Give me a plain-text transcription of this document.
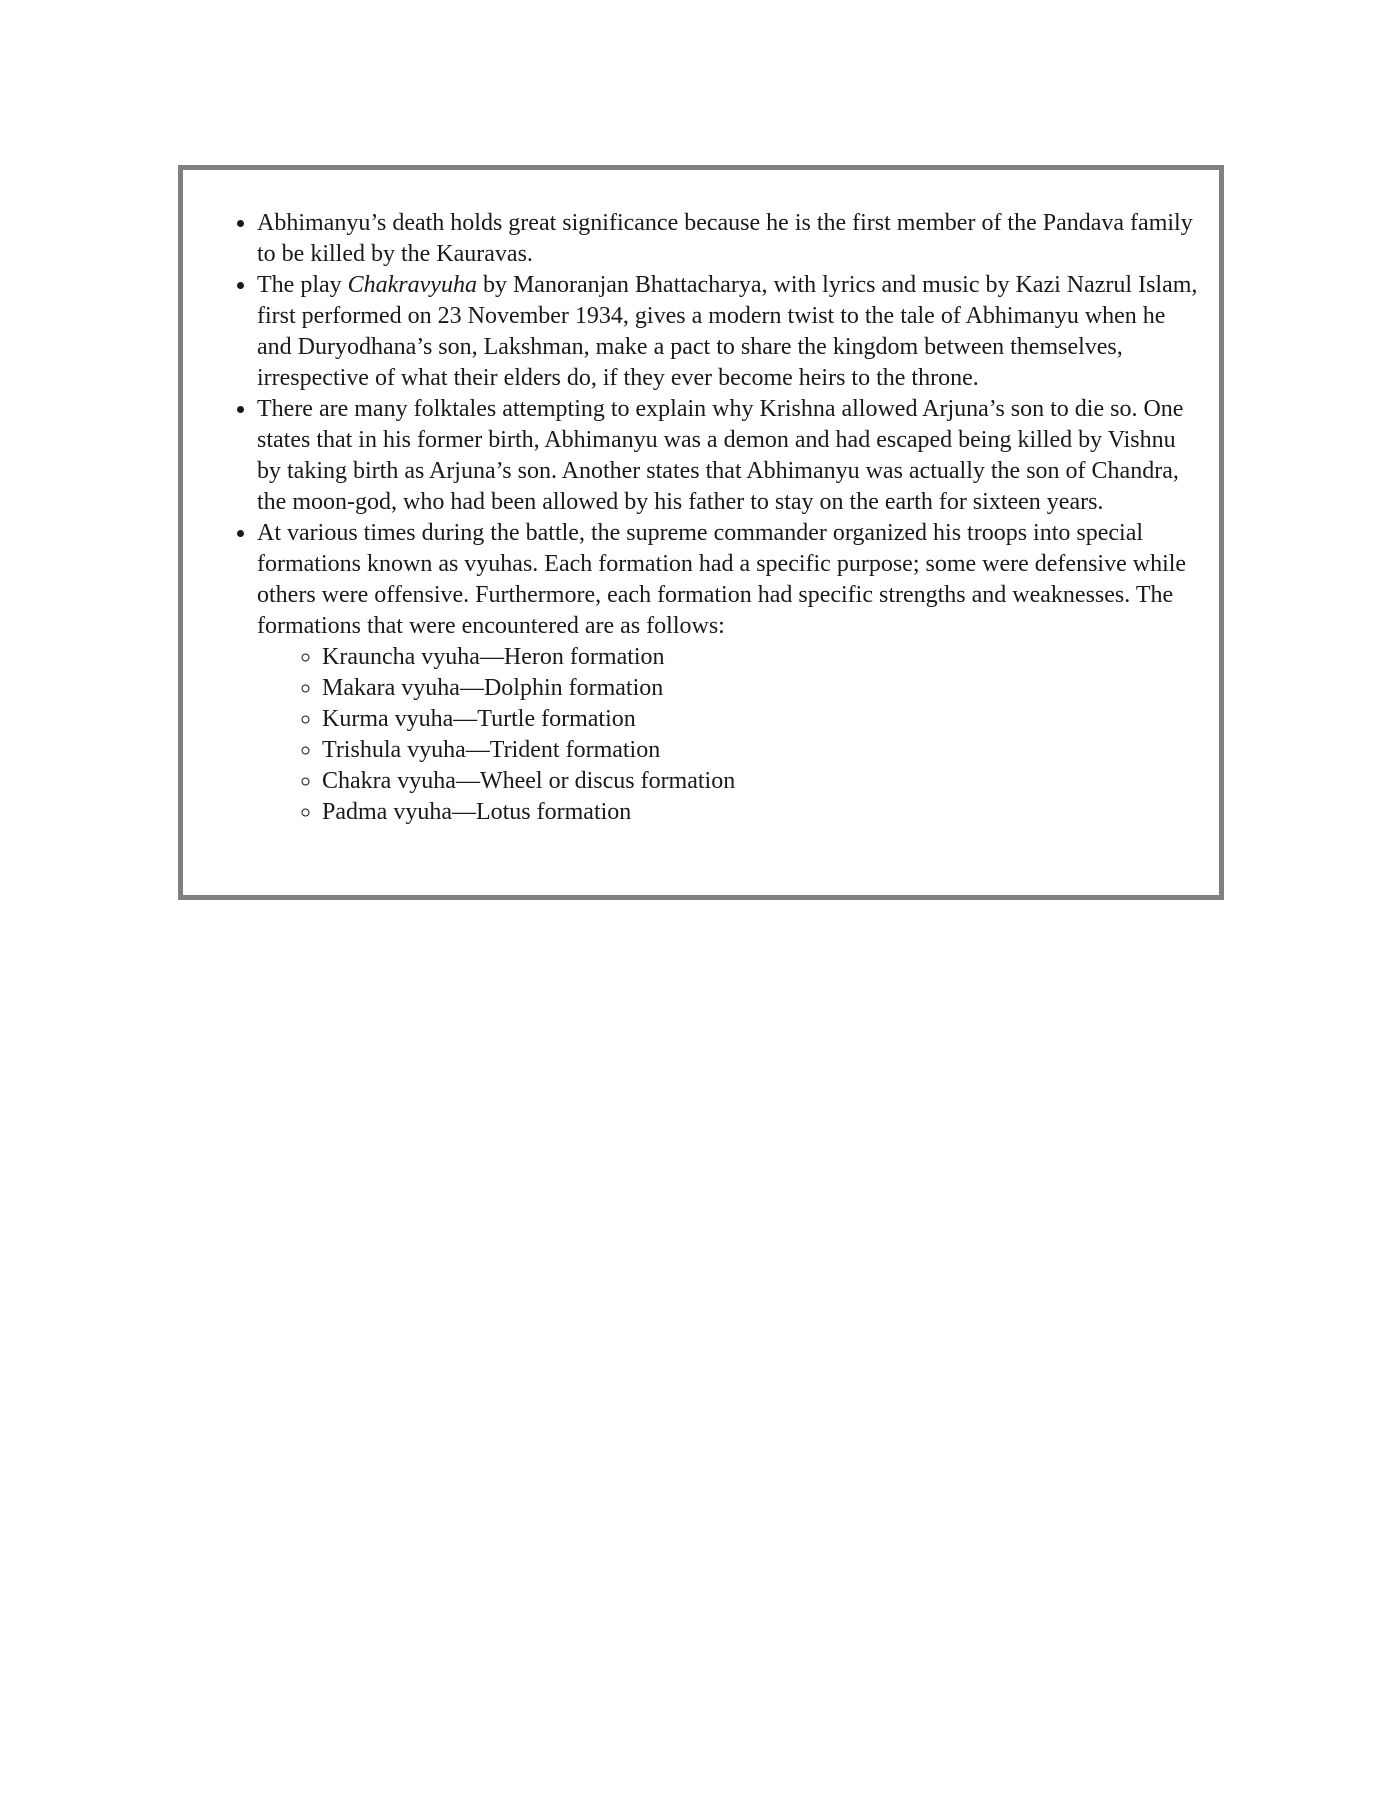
• Abhimanyu’s death holds great significance because he is the first member of the Pandava family to be killed by the Kauravas.
• The play Chakravyuha by Manoranjan Bhattacharya, with lyrics and music by Kazi Nazrul Islam, first performed on 23 November 1934, gives a modern twist to the tale of Abhimanyu when he and Duryodhana’s son, Lakshman, make a pact to share the kingdom between themselves, irrespective of what their elders do, if they ever become heirs to the throne.
• There are many folktales attempting to explain why Krishna allowed Arjuna’s son to die so. One states that in his former birth, Abhimanyu was a demon and had escaped being killed by Vishnu by taking birth as Arjuna’s son. Another states that Abhimanyu was actually the son of Chandra, the moon-god, who had been allowed by his father to stay on the earth for sixteen years.
• At various times during the battle, the supreme commander organized his troops into special formations known as vyuhas. Each formation had a specific purpose; some were defensive while others were offensive. Furthermore, each formation had specific strengths and weaknesses. The formations that were encountered are as follows:
◦ Krauncha vyuha—Heron formation
◦ Makara vyuha—Dolphin formation
◦ Kurma vyuha—Turtle formation
◦ Trishula vyuha—Trident formation
◦ Chakra vyuha—Wheel or discus formation
◦ Padma vyuha—Lotus formation
